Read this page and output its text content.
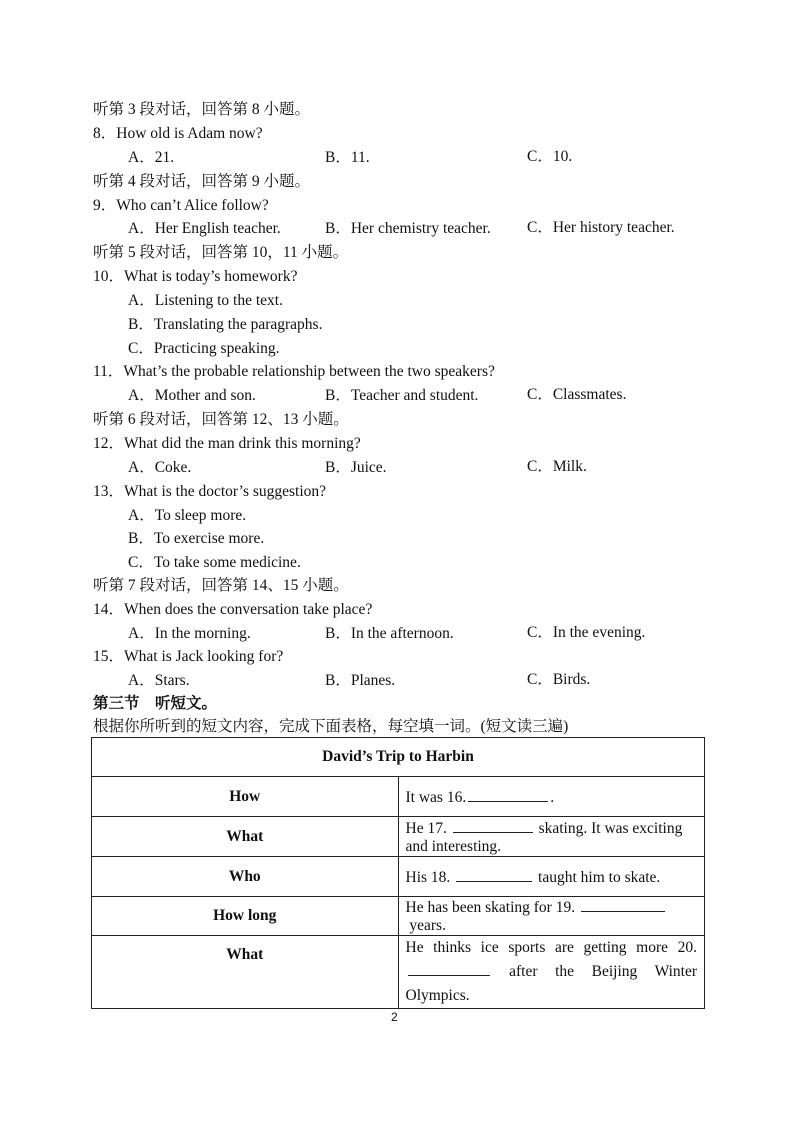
听第 3 段对话，回答第 8 小题。
8．How old is Adam now?
A．21.	B．11.	C．10.
听第 4 段对话，回答第 9 小题。
9．Who can’t Alice follow?
A．Her English teacher.	B．Her chemistry teacher. C．Her history teacher.
听第 5 段对话，回答第 10，11 小题。
10．What is today’s homework?
A．Listening to the text.
B．Translating the paragraphs.
C．Practicing speaking.
11．What’s the probable relationship between the two speakers?
A．Mother and son.	B．Teacher and student.	C．Classmates.
听第 6 段对话，回答第 12、13 小题。
12．What did the man drink this morning?
A．Coke.	B．Juice.	C．Milk.
13．What is the doctor’s suggestion?
A．To sleep more.
B．To exercise more.
C．To take some medicine.
听第 7 段对话，回答第 14、15 小题。
14．When does the conversation take place?
A．In the morning.	B．In the afternoon.	C．In the evening.
15．What is Jack looking for?
A．Stars.	B．Planes.	C．Birds.
第三节　听短文。
根据你所听到的短文内容，完成下面表格，每空填一词。(短文读三遍)
David’s Trip to Harbin	
How	It was 16. .
What	He 17. skating. It was exciting and interesting.
Who	His 18. taught him to skate.
How long	He has been skating for 19.  years.
What	He thinks ice sports are getting more 20.  after the Beijing Winter Olympics.
2
